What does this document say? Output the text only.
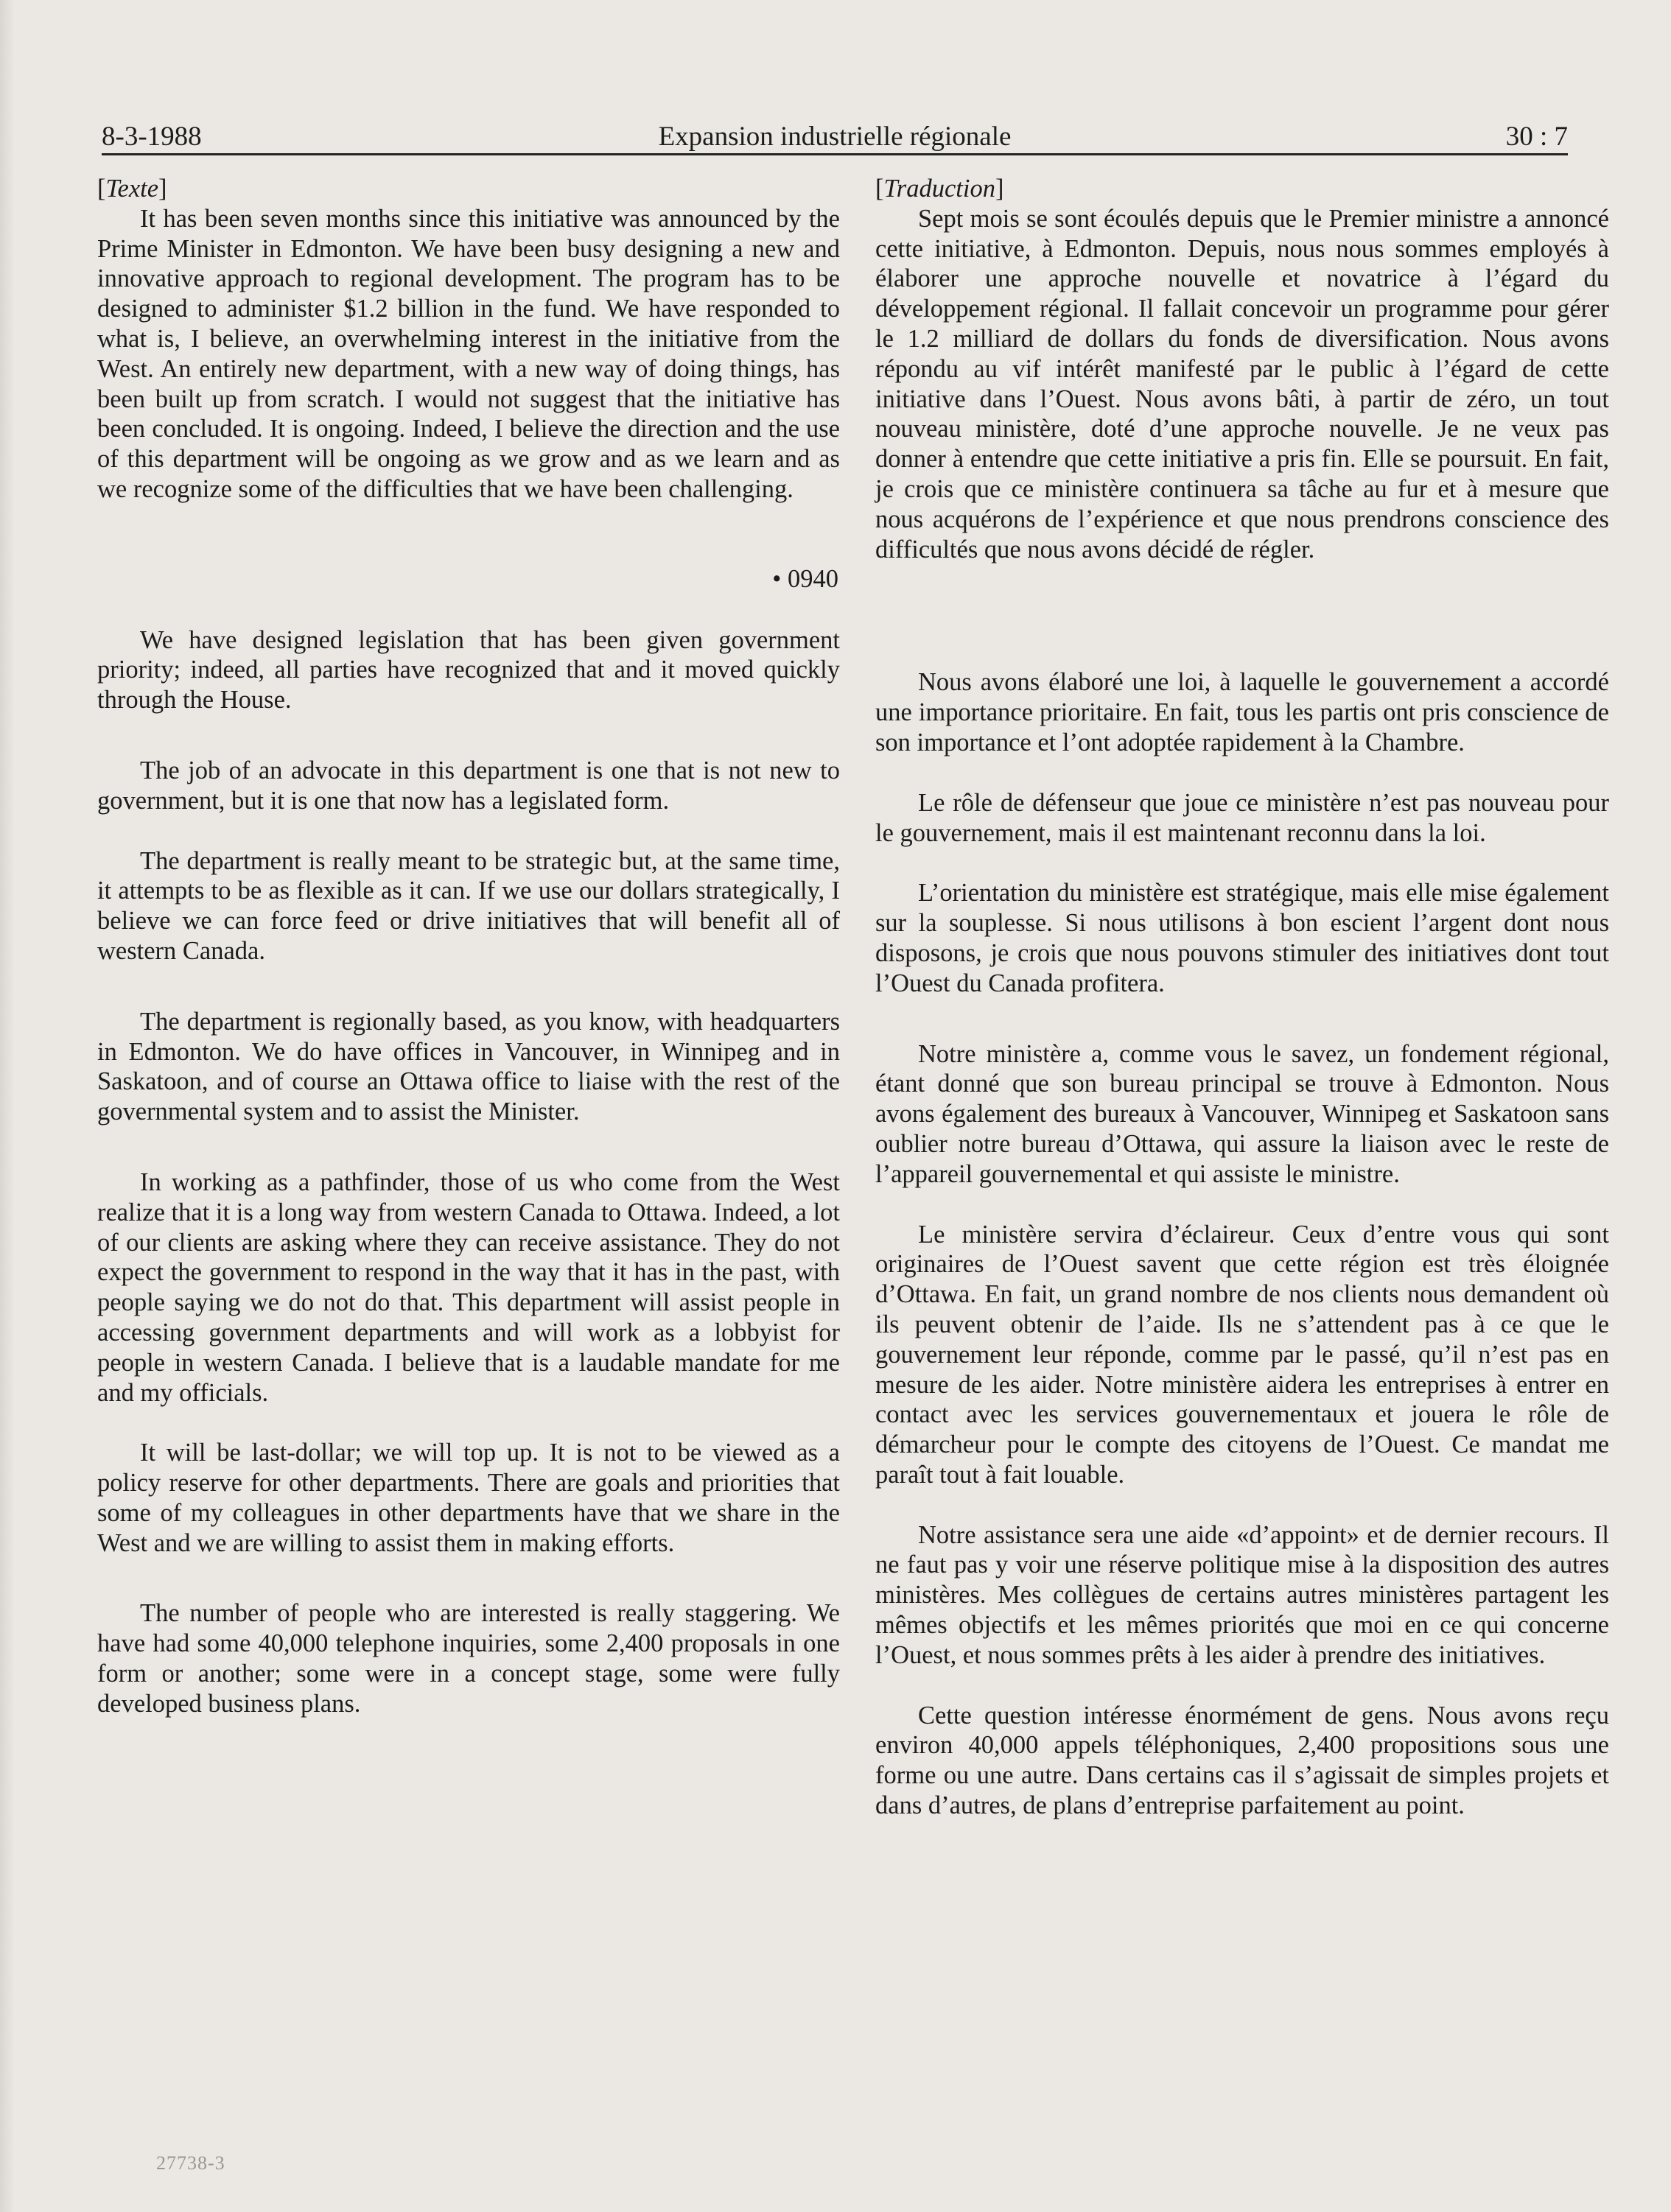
8-3-1988	Expansion industrielle régionale	30 : 7

[Texte]

It has been seven months since this initiative was announced by the Prime Minister in Edmonton. We have been busy designing a new and innovative approach to regional development. The program has to be designed to administer $1.2 billion in the fund. We have responded to what is, I believe, an overwhelming interest in the initiative from the West. An entirely new department, with a new way of doing things, has been built up from scratch. I would not suggest that the initiative has been concluded. It is ongoing. Indeed, I believe the direction and the use of this department will be ongoing as we grow and as we learn and as we recognize some of the difficulties that we have been challenging.

• 0940

We have designed legislation that has been given government priority; indeed, all parties have recognized that and it moved quickly through the House.

The job of an advocate in this department is one that is not new to government, but it is one that now has a legislated form.

The department is really meant to be strategic but, at the same time, it attempts to be as flexible as it can. If we use our dollars strategically, I believe we can force feed or drive initiatives that will benefit all of western Canada.

The department is regionally based, as you know, with headquarters in Edmonton. We do have offices in Vancouver, in Winnipeg and in Saskatoon, and of course an Ottawa office to liaise with the rest of the governmental system and to assist the Minister.

In working as a pathfinder, those of us who come from the West realize that it is a long way from western Canada to Ottawa. Indeed, a lot of our clients are asking where they can receive assistance. They do not expect the government to respond in the way that it has in the past, with people saying we do not do that. This department will assist people in accessing government departments and will work as a lobbyist for people in western Canada. I believe that is a laudable mandate for me and my officials.

It will be last-dollar; we will top up. It is not to be viewed as a policy reserve for other departments. There are goals and priorities that some of my colleagues in other departments have that we share in the West and we are willing to assist them in making efforts.

The number of people who are interested is really staggering. We have had some 40,000 telephone inquiries, some 2,400 proposals in one form or another; some were in a concept stage, some were fully developed business plans.

[Traduction]

Sept mois se sont écoulés depuis que le Premier ministre a annoncé cette initiative, à Edmonton. Depuis, nous nous sommes employés à élaborer une approche nouvelle et novatrice à l’égard du développement régional. Il fallait concevoir un programme pour gérer le 1.2 milliard de dollars du fonds de diversification. Nous avons répondu au vif intérêt manifesté par le public à l’égard de cette initiative dans l’Ouest. Nous avons bâti, à partir de zéro, un tout nouveau ministère, doté d’une approche nouvelle. Je ne veux pas donner à entendre que cette initiative a pris fin. Elle se poursuit. En fait, je crois que ce ministère continuera sa tâche au fur et à mesure que nous acquérons de l’expérience et que nous prendrons conscience des difficultés que nous avons décidé de régler.

Nous avons élaboré une loi, à laquelle le gouvernement a accordé une importance prioritaire. En fait, tous les partis ont pris conscience de son importance et l’ont adoptée rapidement à la Chambre.

Le rôle de défenseur que joue ce ministère n’est pas nouveau pour le gouvernement, mais il est maintenant reconnu dans la loi.

L’orientation du ministère est stratégique, mais elle mise également sur la souplesse. Si nous utilisons à bon escient l’argent dont nous disposons, je crois que nous pouvons stimuler des initiatives dont tout l’Ouest du Canada profitera.

Notre ministère a, comme vous le savez, un fondement régional, étant donné que son bureau principal se trouve à Edmonton. Nous avons également des bureaux à Vancouver, Winnipeg et Saskatoon sans oublier notre bureau d’Ottawa, qui assure la liaison avec le reste de l’appareil gouvernemental et qui assiste le ministre.

Le ministère servira d’éclaireur. Ceux d’entre vous qui sont originaires de l’Ouest savent que cette région est très éloignée d’Ottawa. En fait, un grand nombre de nos clients nous demandent où ils peuvent obtenir de l’aide. Ils ne s’attendent pas à ce que le gouvernement leur réponde, comme par le passé, qu’il n’est pas en mesure de les aider. Notre ministère aidera les entreprises à entrer en contact avec les services gouvernementaux et jouera le rôle de démarcheur pour le compte des citoyens de l’Ouest. Ce mandat me paraît tout à fait louable.

Notre assistance sera une aide «d’appoint» et de dernier recours. Il ne faut pas y voir une réserve politique mise à la disposition des autres ministères. Mes collègues de certains autres ministères partagent les mêmes objectifs et les mêmes priorités que moi en ce qui concerne l’Ouest, et nous sommes prêts à les aider à prendre des initiatives.

Cette question intéresse énormément de gens. Nous avons reçu environ 40,000 appels téléphoniques, 2,400 propositions sous une forme ou une autre. Dans certains cas il s’agissait de simples projets et dans d’autres, de plans d’entreprise parfaitement au point.

27738-3
